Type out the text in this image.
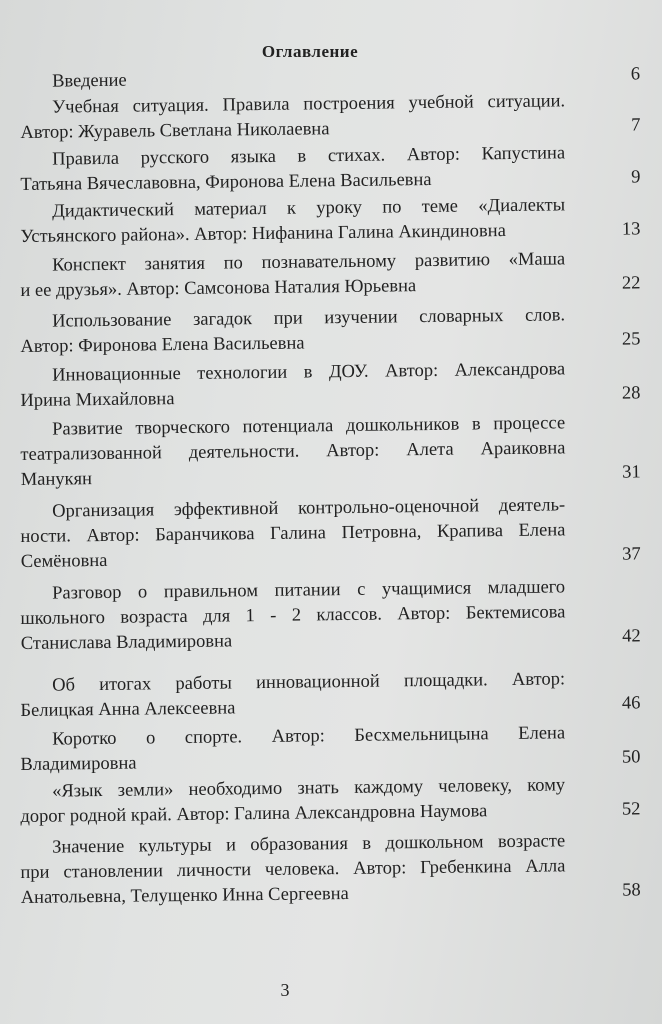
Оглавление
Введение	6
Учебная ситуация. Правила построения учебной ситуации.
Автор: Журавель Светлана Николаевна	7
Правила русского языка в стихах. Автор: Капустина
Татьяна Вячеславовна, Фиронова Елена Васильевна	9
Дидактический материал к уроку по теме «Диалекты
Устьянского района». Автор: Нифанина Галина Акиндиновна	13
Конспект занятия по познавательному развитию «Маша
и ее друзья». Автор: Самсонова Наталия Юрьевна	22
Использование загадок при изучении словарных слов.
Автор: Фиронова Елена Васильевна	25
Инновационные технологии в ДОУ. Автор: Александрова
Ирина Михайловна	28
Развитие творческого потенциала дошкольников в процессе
театрализованной деятельности. Автор: Алета Араиковна
Манукян	31
Организация эффективной контрольно-оценочной деятель-
ности. Автор: Баранчикова Галина Петровна, Крапива Елена
Семёновна	37
Разговор о правильном питании с учащимися младшего
школьного возраста для 1 - 2 классов. Автор: Бектемисова
Станислава Владимировна	42
Об итогах работы инновационной площадки. Автор:
Белицкая Анна Алексеевна	46
Коротко о спорте. Автор: Бесхмельницына Елена
Владимировна	50
«Язык земли» необходимо знать каждому человеку, кому
дорог родной край. Автор: Галина Александровна Наумова	52
Значение культуры и образования в дошкольном возрасте
при становлении личности человека. Автор: Гребенкина Алла
Анатольевна, Телущенко Инна Сергеевна	58
3
